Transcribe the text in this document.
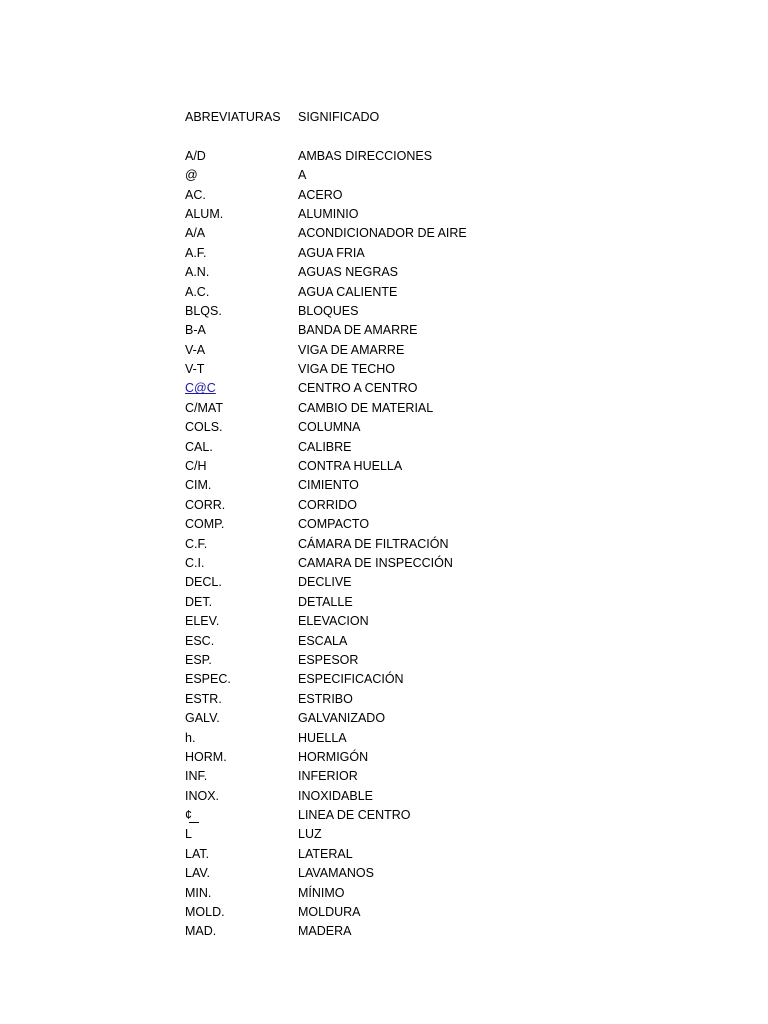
ABREVIATURAS	SIGNIFICADO
A/D	AMBAS DIRECCIONES
@	A
AC.	ACERO
ALUM.	ALUMINIO
A/A	ACONDICIONADOR DE AIRE
A.F.	AGUA FRIA
A.N.	AGUAS NEGRAS
A.C.	AGUA CALIENTE
BLQS.	BLOQUES
B-A	BANDA DE AMARRE
V-A	VIGA DE AMARRE
V-T	VIGA DE TECHO
C@C	CENTRO A CENTRO
C/MAT	CAMBIO DE MATERIAL
COLS.	COLUMNA
CAL.	CALIBRE
C/H	CONTRA HUELLA
CIM.	CIMIENTO
CORR.	CORRIDO
COMP.	COMPACTO
C.F.	CÁMARA DE FILTRACIÓN
C.I.	CAMARA DE INSPECCIÓN
DECL.	DECLIVE
DET.	DETALLE
ELEV.	ELEVACION
ESC.	ESCALA
ESP.	ESPESOR
ESPEC.	ESPECIFICACIÓN
ESTR.	ESTRIBO
GALV.	GALVANIZADO
h.	HUELLA
HORM.	HORMIGÓN
INF.	INFERIOR
INOX.	INOXIDABLE
¢	LINEA DE CENTRO
L	LUZ
LAT.	LATERAL
LAV.	LAVAMANOS
MIN.	MÍNIMO
MOLD.	MOLDURA
MAD.	MADERA
